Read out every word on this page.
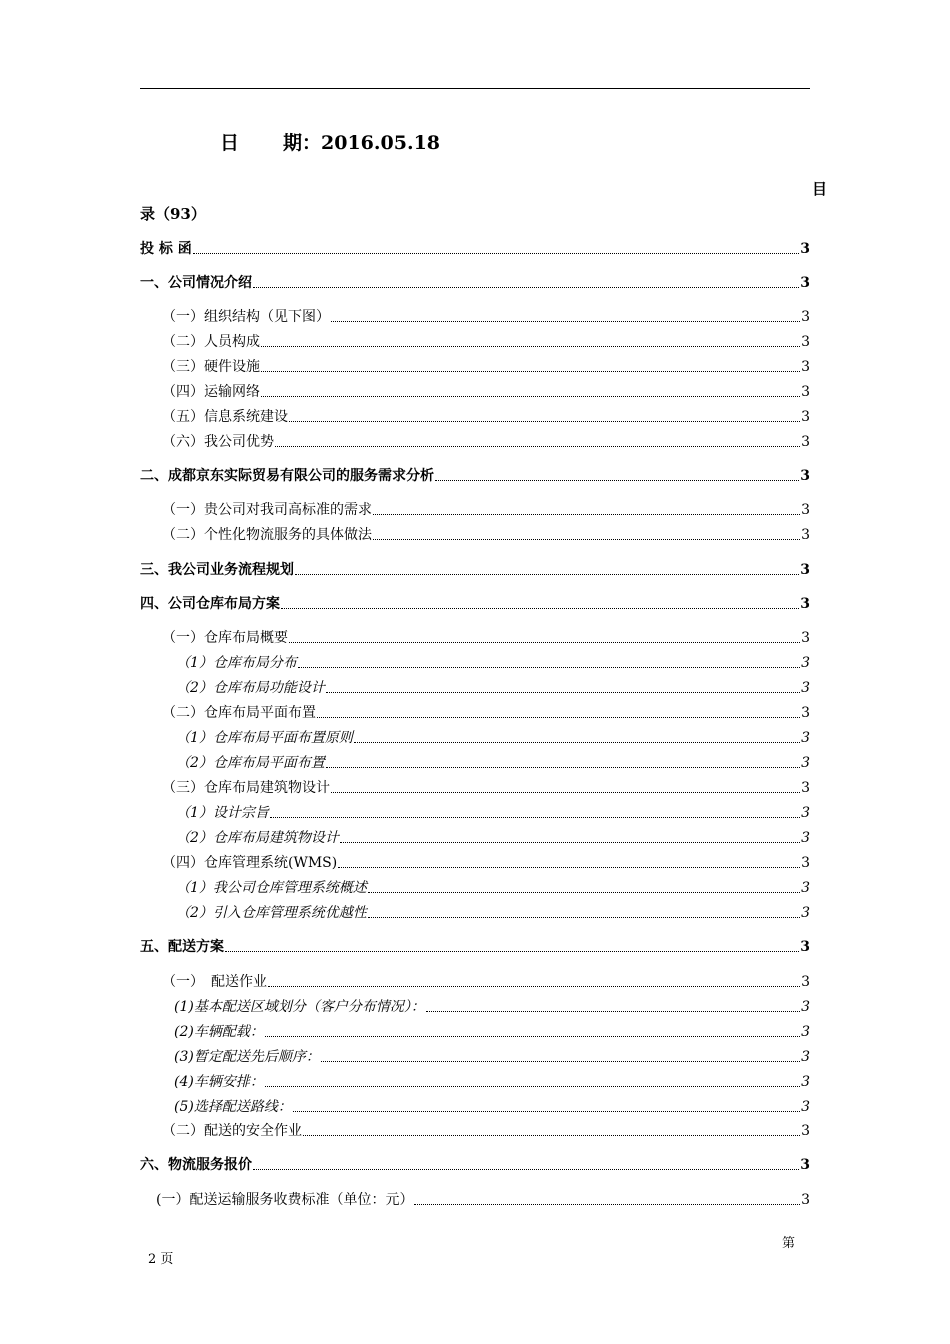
日 期：2016.05.18
目
录（93）
投 标 函	3
一、公司情况介绍	3
（一）组织结构（见下图）	3
（二）人员构成	3
（三）硬件设施	3
（四）运输网络	3
（五）信息系统建设	3
（六）我公司优势	3
二、成都京东实际贸易有限公司的服务需求分析	3
（一）贵公司对我司高标准的需求	3
（二）个性化物流服务的具体做法	3
三、我公司业务流程规划	3
四、公司仓库布局方案	3
（一）仓库布局概要	3
（1）仓库布局分布	3
（2）仓库布局功能设计	3
（二）仓库布局平面布置	3
（1）仓库布局平面布置原则	3
（2）仓库布局平面布置	3
（三）仓库布局建筑物设计	3
（1）设计宗旨	3
（2）仓库布局建筑物设计	3
（四）仓库管理系统(WMS)	3
（1）我公司仓库管理系统概述	3
（2）引入仓库管理系统优越性	3
五、配送方案	3
（一）　配送作业	3
(1)基本配送区域划分（客户分布情况）：	3
(2)车辆配载：	3
(3)暂定配送先后顺序：	3
(4)车辆安排：	3
(5)选择配送路线：	3
（二）配送的安全作业	3
六、物流服务报价	3
(一）配送运输服务收费标准（单位：元）	3
第
2 页
